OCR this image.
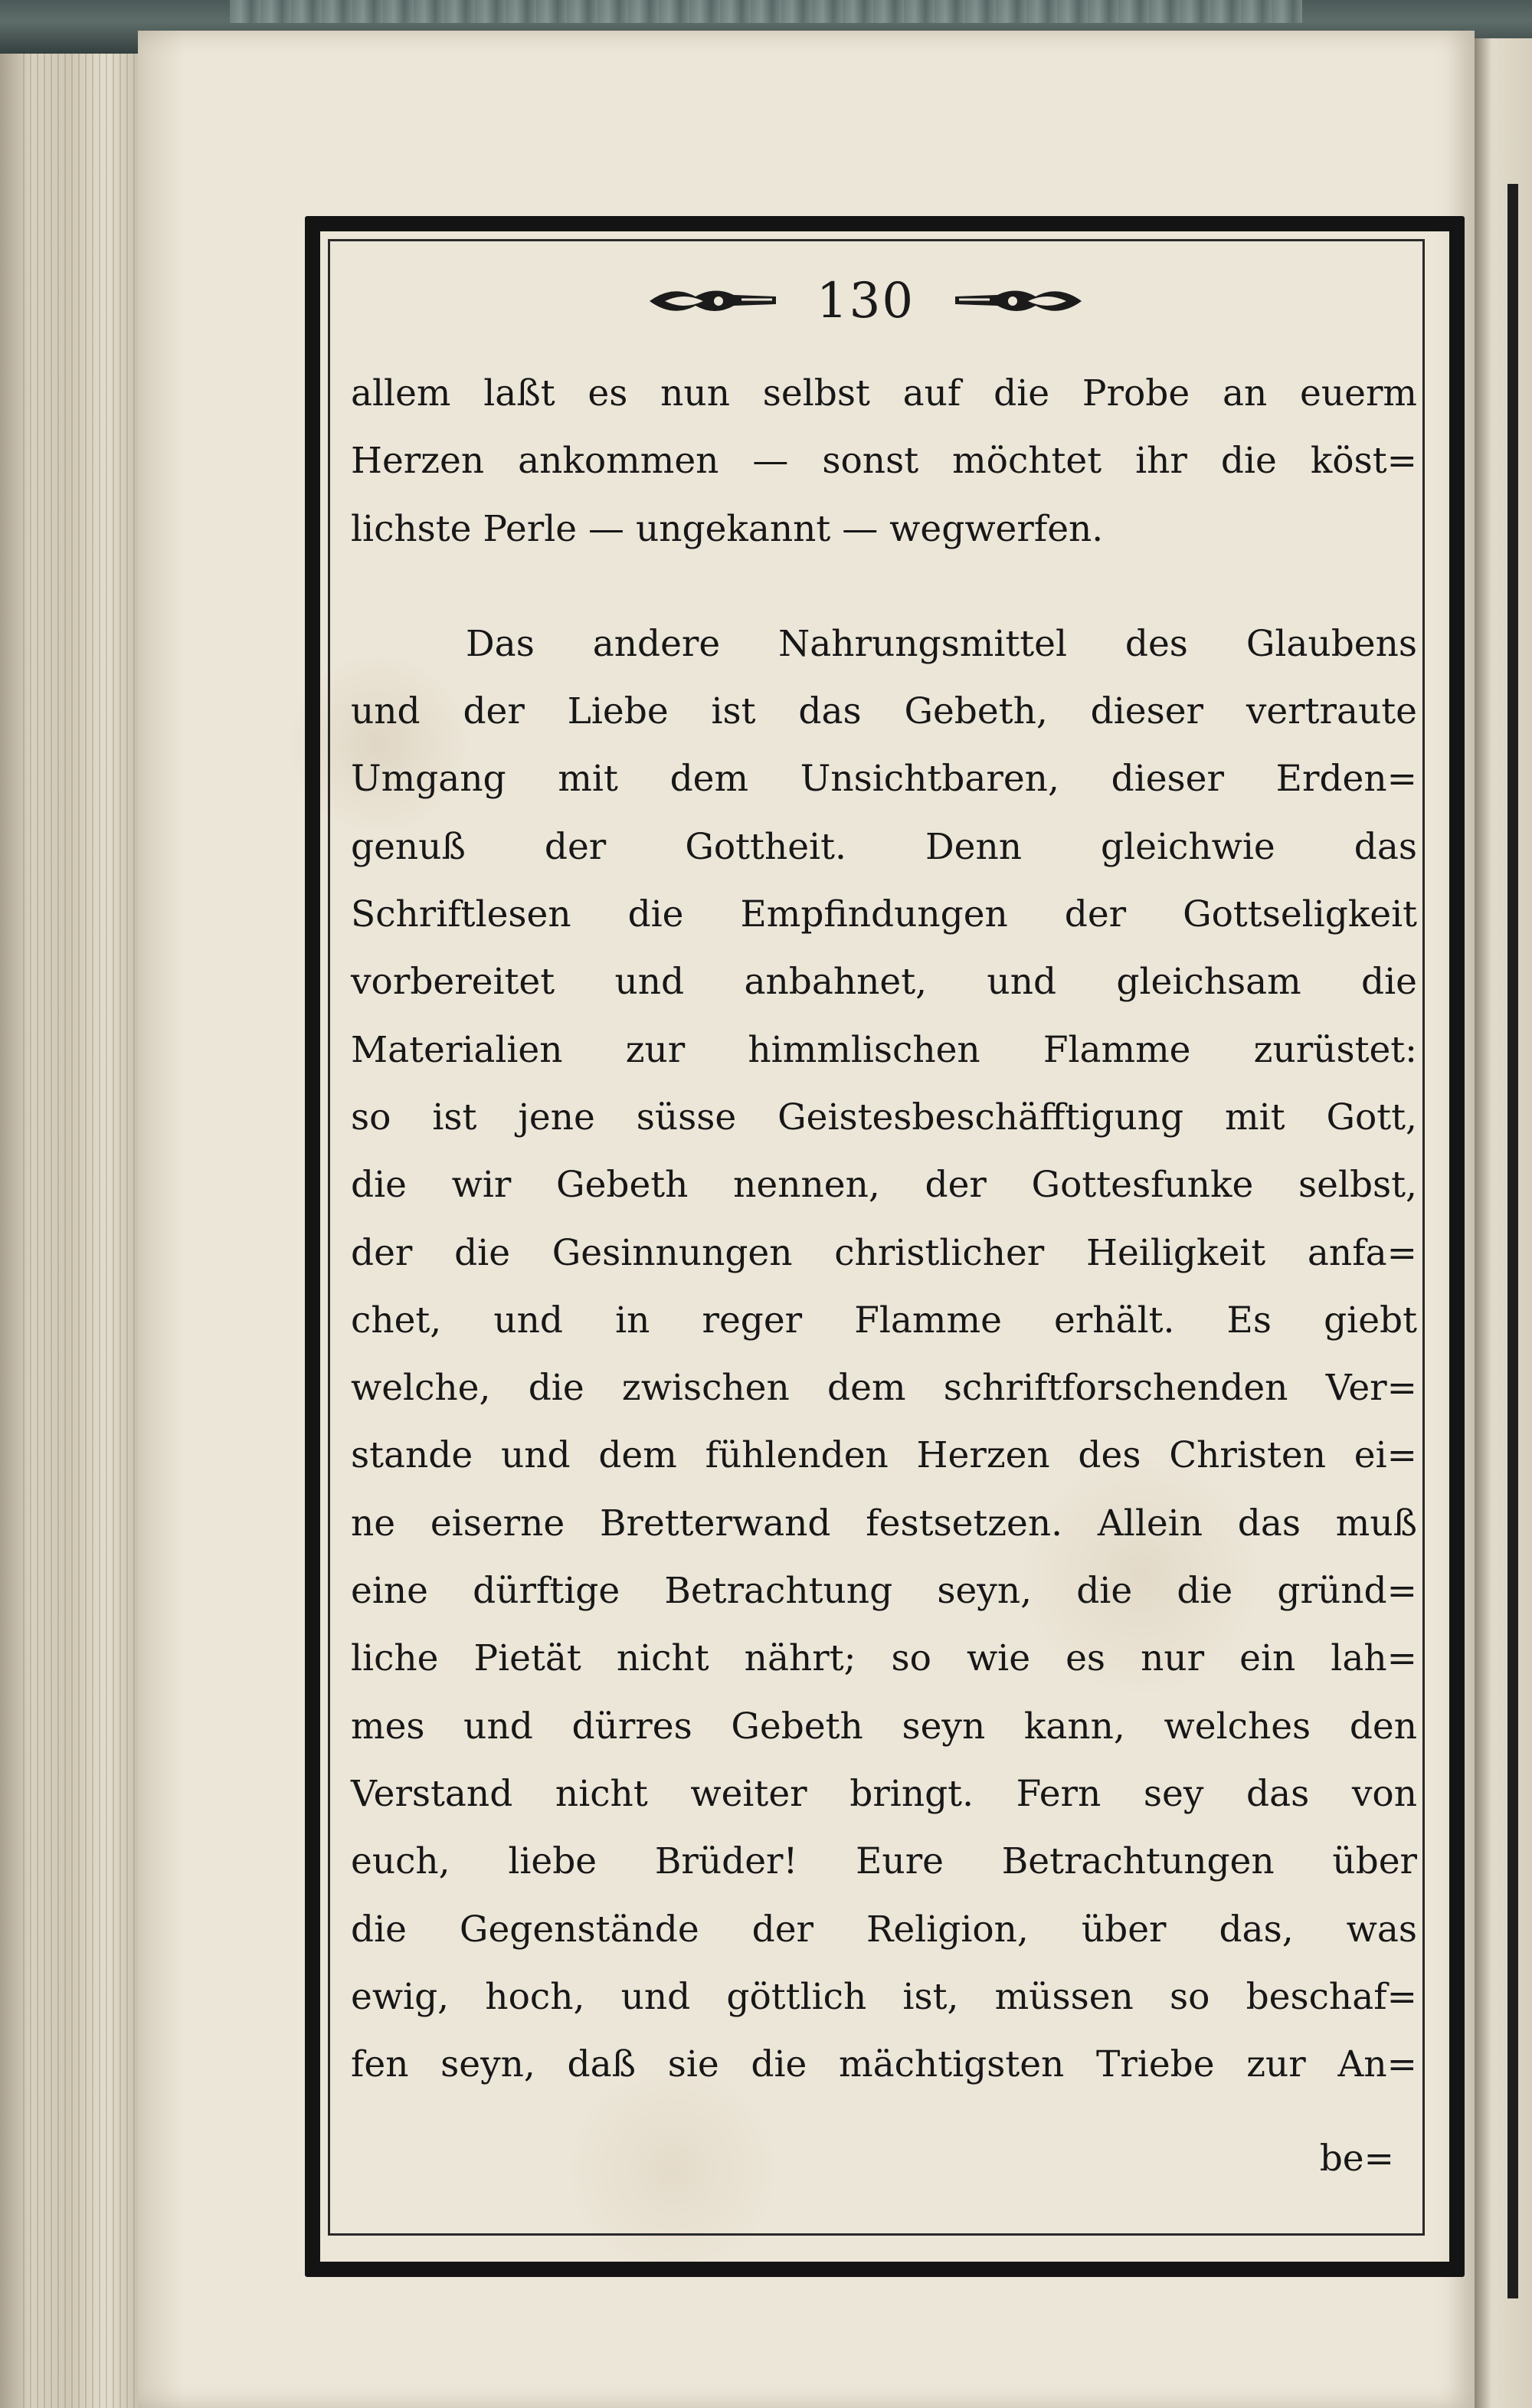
130
allem laßt es nun selbst auf die Probe an euerm
Herzen ankommen — sonst möchtet ihr die köst=
lichste Perle — ungekannt — wegwerfen.
Das andere Nahrungsmittel des Glaubens
und der Liebe ist das Gebeth, dieser vertraute
Umgang mit dem Unsichtbaren, dieser Erden=
genuß der Gottheit. Denn gleichwie das
Schriftlesen die Empfindungen der Gottseligkeit
vorbereitet und anbahnet, und gleichsam die
Materialien zur himmlischen Flamme zurüstet:
so ist jene süsse Geistesbeschäfftigung mit Gott,
die wir Gebeth nennen, der Gottesfunke selbst,
der die Gesinnungen christlicher Heiligkeit anfa=
chet, und in reger Flamme erhält. Es giebt
welche, die zwischen dem schriftforschenden Ver=
stande und dem fühlenden Herzen des Christen ei=
ne eiserne Bretterwand festsetzen. Allein das muß
eine dürftige Betrachtung seyn, die die gründ=
liche Pietät nicht nährt; so wie es nur ein lah=
mes und dürres Gebeth seyn kann, welches den
Verstand nicht weiter bringt. Fern sey das von
euch, liebe Brüder! Eure Betrachtungen über
die Gegenstände der Religion, über das, was
ewig, hoch, und göttlich ist, müssen so beschaf=
fen seyn, daß sie die mächtigsten Triebe zur An=
be=
